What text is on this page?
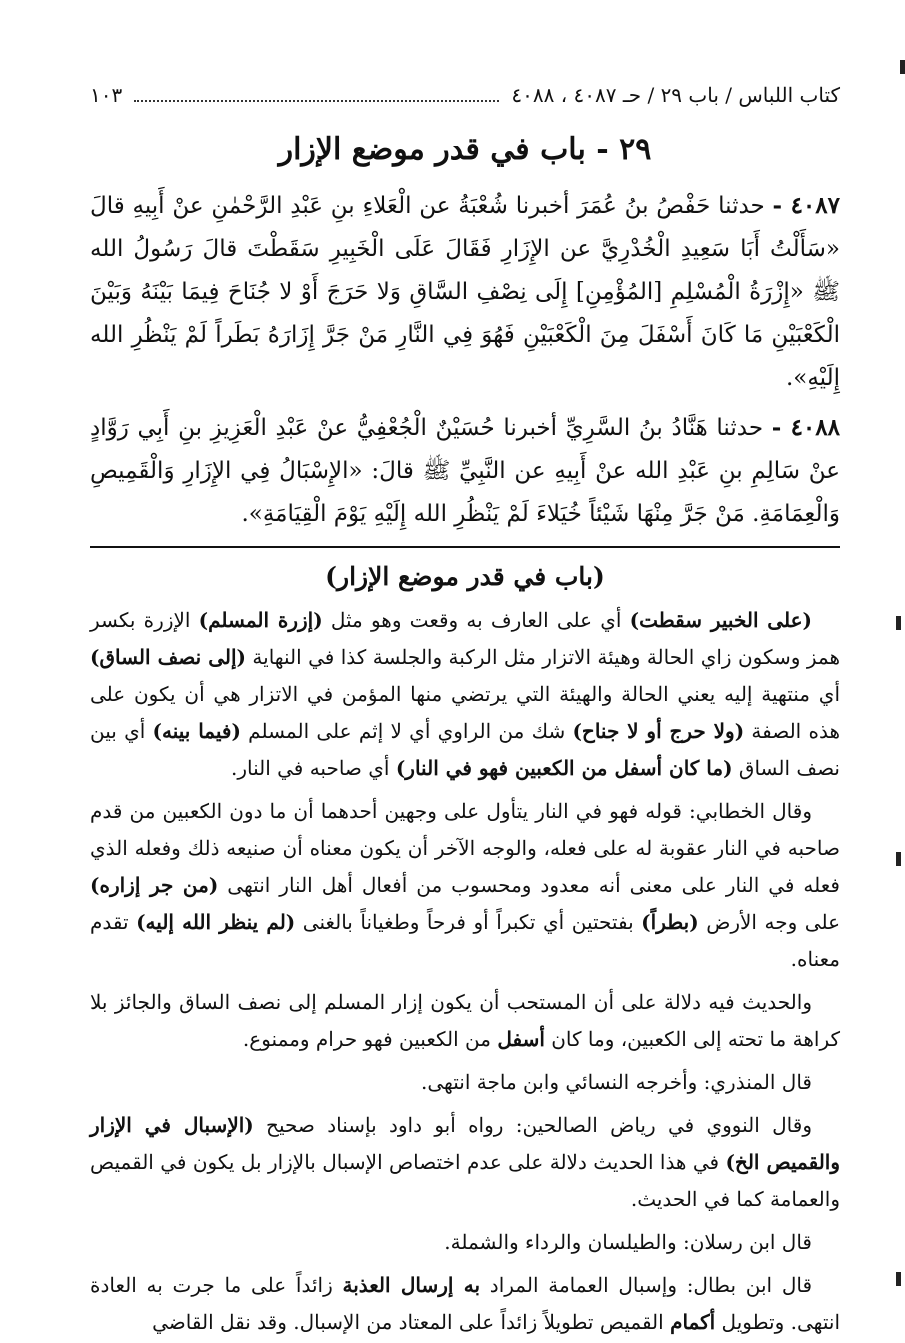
كتاب اللباس / باب ٢٩ / حـ ٤٠٨٧ ، ٤٠٨٨
١٠٣
٢٩ - باب في قدر موضع الإزار

٤٠٨٧ - حدثنا حَفْصُ بنُ عُمَرَ أخبرنا شُعْبَةُ عن الْعَلاءِ بنِ عَبْدِ الرَّحْمٰنِ عنْ أَبِيهِ قالَ «سَأَلْتُ أَبَا سَعِيدِ الْخُدْرِيَّ عن الإِزَارِ فَقَالَ عَلَى الْخَبِيرِ سَقَطْتَ قالَ رَسُولُ الله ﷺ «إِزْرَةُ الْمُسْلِمِ [المُؤْمِنِ] إِلَى نِصْفِ السَّاقِ وَلا حَرَجَ أَوْ لا جُنَاحَ فِيمَا بَيْنَهُ وَبَيْنَ الْكَعْبَيْنِ مَا كَانَ أَسْفَلَ مِنَ الْكَعْبَيْنِ فَهُوَ فِي النَّارِ مَنْ جَرَّ إِزَارَهُ بَطَراً لَمْ يَنْظُرِ الله إِلَيْهِ».

٤٠٨٨ - حدثنا هَنَّادُ بنُ السَّرِيِّ أخبرنا حُسَيْنٌ الْجُعْفِيُّ عنْ عَبْدِ الْعَزِيزِ بنِ أَبِي رَوَّادٍ عنْ سَالِمِ بنِ عَبْدِ الله عنْ أَبِيهِ عن النَّبِيِّ ﷺ قالَ: «الإِسْبَالُ فِي الإِزَارِ وَالْقَمِيصِ وَالْعِمَامَةِ. مَنْ جَرَّ مِنْهَا شَيْئاً خُيَلاءَ لَمْ يَنْظُرِ الله إِلَيْهِ يَوْمَ الْقِيَامَةِ».

(باب في قدر موضع الإزار)

(على الخبير سقطت) أي على العارف به وقعت وهو مثل (إزرة المسلم) الإزرة بكسر همز وسكون زاي الحالة وهيئة الاتزار مثل الركبة والجلسة كذا في النهاية (إلى نصف الساق) أي منتهية إليه يعني الحالة والهيئة التي يرتضي منها المؤمن في الاتزار هي أن يكون على هذه الصفة (ولا حرج أو لا جناح) شك من الراوي أي لا إثم على المسلم (فيما بينه) أي بين نصف الساق (ما كان أسفل من الكعبين فهو في النار) أي صاحبه في النار.

وقال الخطابي: قوله فهو في النار يتأول على وجهين أحدهما أن ما دون الكعبين من قدم صاحبه في النار عقوبة له على فعله، والوجه الآخر أن يكون معناه أن صنيعه ذلك وفعله الذي فعله في النار على معنى أنه معدود ومحسوب من أفعال أهل النار انتهى (من جر إزاره) على وجه الأرض (بطراً) بفتحتين أي تكبراً أو فرحاً وطغياناً بالغنى (لم ينظر الله إليه) تقدم معناه.

والحديث فيه دلالة على أن المستحب أن يكون إزار المسلم إلى نصف الساق والجائز بلا كراهة ما تحته إلى الكعبين، وما كان أسفل من الكعبين فهو حرام وممنوع.

قال المنذري: وأخرجه النسائي وابن ماجة انتهى.

وقال النووي في رياض الصالحين: رواه أبو داود بإسناد صحيح (الإسبال في الإزار والقميص الخ) في هذا الحديث دلالة على عدم اختصاص الإسبال بالإزار بل يكون في القميص والعمامة كما في الحديث.

قال ابن رسلان: والطيلسان والرداء والشملة.

قال ابن بطال: وإسبال العمامة المراد به إرسال العذبة زائداً على ما جرت به العادة انتهى. وتطويل أكمام القميص تطويلاً زائداً على المعتاد من الإسبال. وقد نقل القاضي
